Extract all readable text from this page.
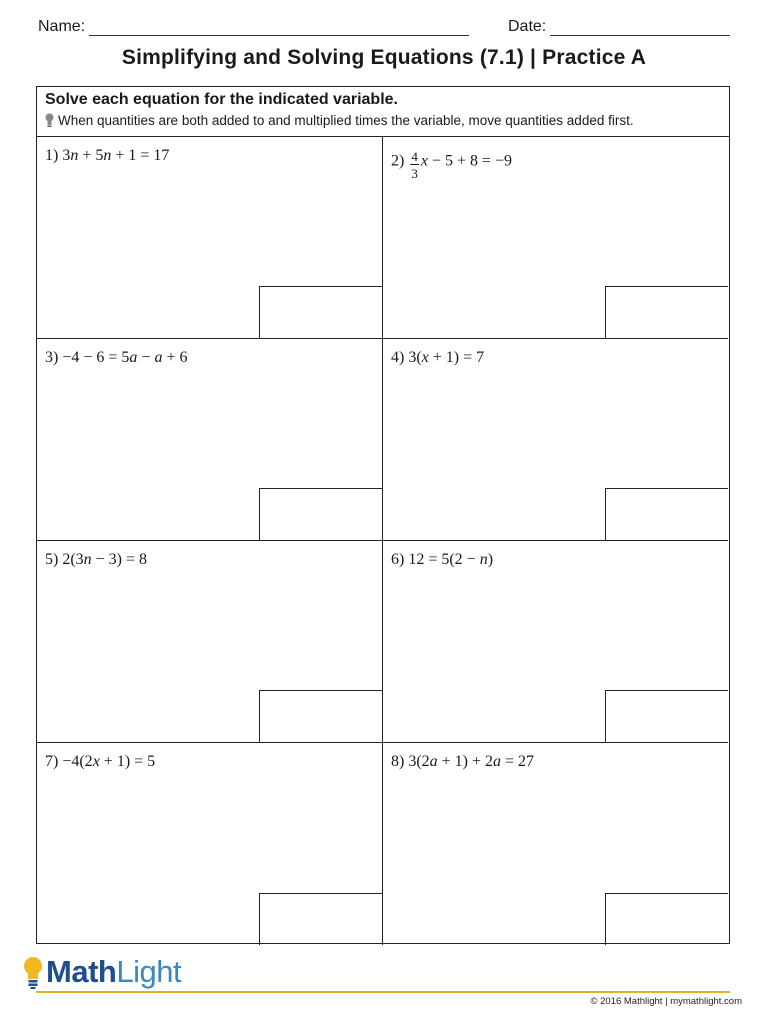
Name:	Date:
Simplifying and Solving Equations (7.1) | Practice A
Solve each equation for the indicated variable.
When quantities are both added to and multiplied times the variable, move quantities added first.
1) 3n + 5n + 1 = 17	$2) \frac{4}{3}$ x − 5 + 8 = −9
3) −4 − 6 = 5a − a + 6	4) 3(x + 1) = 7
5) 2(3n − 3) = 8	6) 12 = 5(2 − n)
7) −4(2x + 1) = 5	8) 3(2a + 1) + 2a = 27
MathLight
© 2016 Mathlight | mymathlight.com
